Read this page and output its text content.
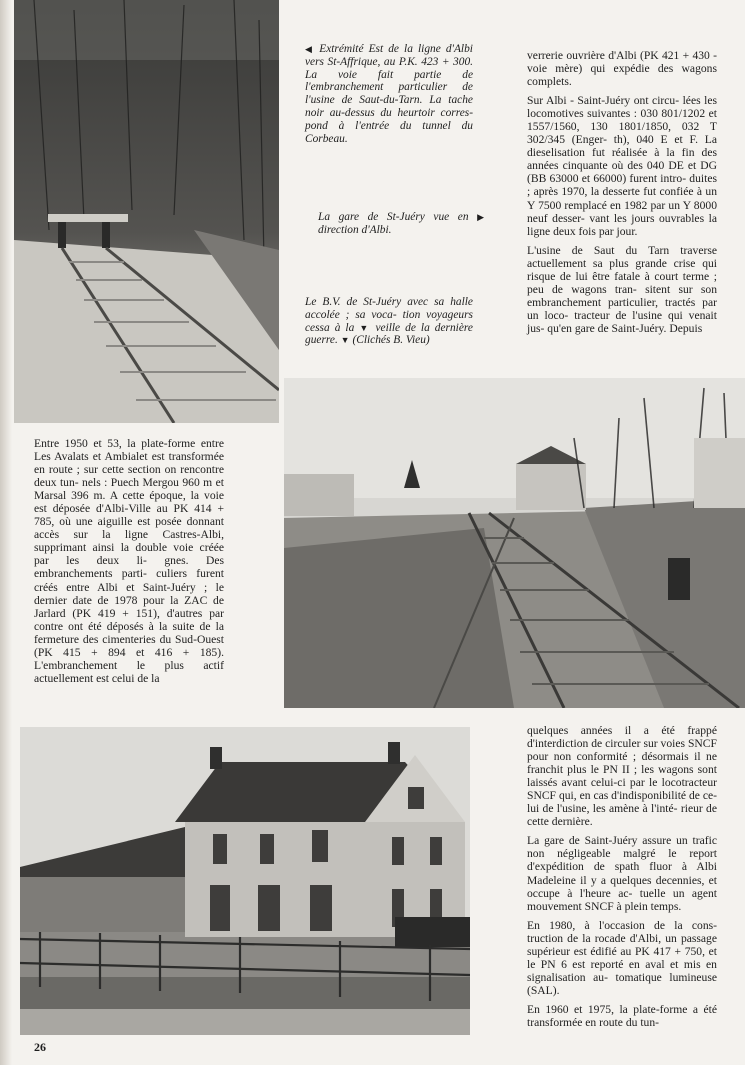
◀ Extrémité Est de la ligne d'Albi vers St-Affrique, au P.K. 423 + 300. La voie fait partie de l'embranchement particulier de l'usine de Saut-du-Tarn. La tache noir au-dessus du heurtoir corres- pond à l'entrée du tunnel du Corbeau.
La gare de St-Juéry vue en ▶ direction d'Albi.
Le B.V. de St-Juéry avec sa halle accolée ; sa voca- tion voyageurs cessa à la ▼ veille de la dernière guerre. ▼ (Clichés B. Vieu)

verrerie ouvrière d'Albi (PK 421 + 430 - voie mère) qui expédie des wagons complets.

Sur Albi - Saint-Juéry ont circu- lées les locomotives suivantes : 030 801/1202 et 1557/1560, 130 1801/1850, 032 T 302/345 (Enger- th), 040 E et F. La dieselisation fut réalisée à la fin des années cinquante où des 040 DE et DG (BB 63000 et 66000) furent intro- duites ; après 1970, la desserte fut confiée à un Y 7500 remplacé en 1982 par un Y 8000 neuf desser- vant les jours ouvrables la ligne deux fois par jour.

L'usine de Saut du Tarn traverse actuellement sa plus grande crise qui risque de lui être fatale à court terme ; peu de wagons tran- sitent sur son embranchement particulier, tractés par un loco- tracteur de l'usine qui venait jus- qu'en gare de Saint-Juéry. Depuis

Entre 1950 et 53, la plate-forme entre Les Avalats et Ambialet est transformée en route ; sur cette section on rencontre deux tun- nels : Puech Mergou 960 m et Marsal 396 m. A cette époque, la voie est déposée d'Albi-Ville au PK 414 + 785, où une aiguille est posée donnant accès sur la ligne Castres-Albi, supprimant ainsi la double voie créée par les deux li- gnes. Des embranchements parti- culiers furent créés entre Albi et Saint-Juéry ; le dernier date de 1978 pour la ZAC de Jarlard (PK 419 + 151), d'autres par contre ont été déposés à la suite de la fermeture des cimenteries du Sud-Ouest (PK 415 + 894 et 416 + 185). L'embranchement le plus actif actuellement est celui de la

quelques années il a été frappé d'interdiction de circuler sur voies SNCF pour non conformité ; désormais il ne franchit plus le PN II ; les wagons sont laissés avant celui-ci par le locotracteur SNCF qui, en cas d'indisponibilité de ce- lui de l'usine, les amène à l'inté- rieur de cette dernière.

La gare de Saint-Juéry assure un trafic non négligeable malgré le report d'expédition de spath fluor à Albi Madeleine il y a quelques decennies, et occupe à l'heure ac- tuelle un agent mouvement SNCF à plein temps.

En 1980, à l'occasion de la cons- truction de la rocade d'Albi, un passage supérieur est édifié au PK 417 + 750, et le PN 6 est reporté en aval et mis en signalisation au- tomatique lumineuse (SAL).

En 1960 et 1975, la plate-forme a été transformée en route du tun-

26
